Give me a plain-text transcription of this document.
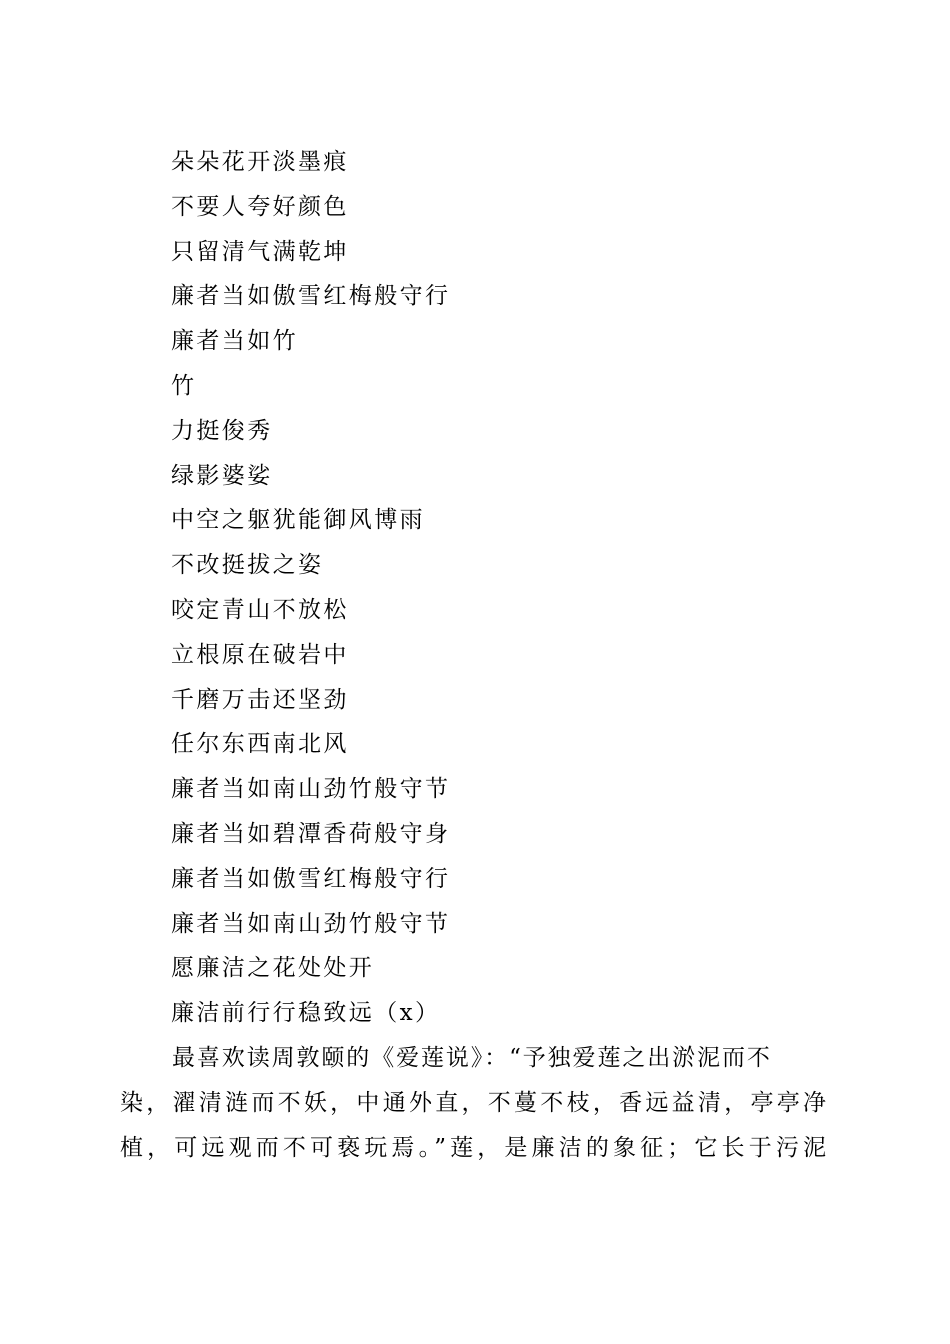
朵朵花开淡墨痕
不要人夸好颜色
只留清气满乾坤
廉者当如傲雪红梅般守行
廉者当如竹
竹
力挺俊秀
绿影婆娑
中空之躯犹能御风博雨
不改挺拔之姿
咬定青山不放松
立根原在破岩中
千磨万击还坚劲
任尔东西南北风
廉者当如南山劲竹般守节
廉者当如碧潭香荷般守身
廉者当如傲雪红梅般守行
廉者当如南山劲竹般守节
愿廉洁之花处处开
廉洁前行行稳致远（x）
最喜欢读周敦颐的《爱莲说》：“予独爱莲之出淤泥而不
染，濯清涟而不妖，中通外直，不蔓不枝，香远益清，亭亭净
植，可远观而不可亵玩焉。”莲，是廉洁的象征；它长于污泥
